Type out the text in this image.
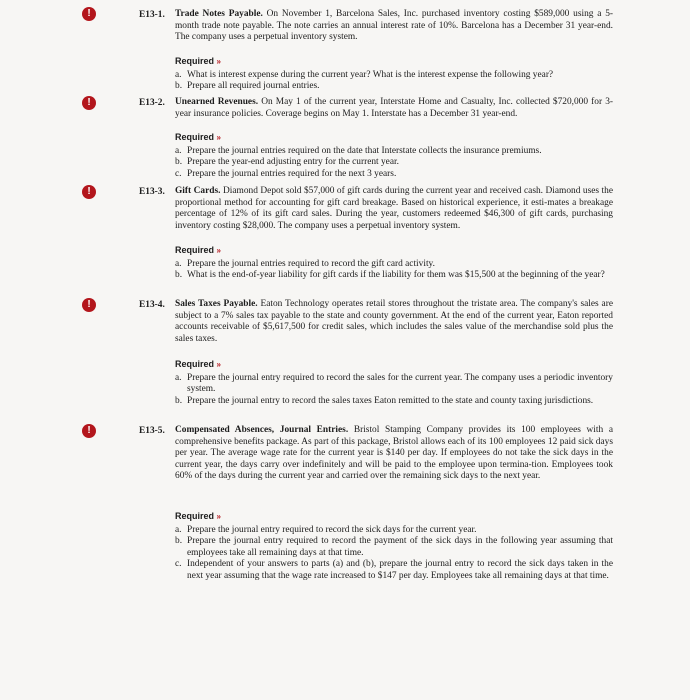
!	E13-1. Trade Notes Payable. On November 1, Barcelona Sales, Inc. purchased inventory costing $589,000 using a 5-month trade note payable. The note carries an annual interest rate of 10%. Barcelona has a December 31 year-end. The company uses a perpetual inventory system.
Required »
a. What is interest expense during the current year? What is the interest expense the following year?
b. Prepare all required journal entries.
!	E13-2. Unearned Revenues. On May 1 of the current year, Interstate Home and Casualty, Inc. collected $720,000 for 3-year insurance policies. Coverage begins on May 1. Interstate has a December 31 year-end.
Required »
a. Prepare the journal entries required on the date that Interstate collects the insurance premiums.
b. Prepare the year-end adjusting entry for the current year.
c. Prepare the journal entries required for the next 3 years.
!	E13-3. Gift Cards. Diamond Depot sold $57,000 of gift cards during the current year and received cash. Diamond uses the proportional method for accounting for gift card breakage. Based on historical experience, it esti-mates a breakage percentage of 12% of its gift card sales. During the year, customers redeemed $46,300 of gift cards, purchasing inventory costing $28,000. The company uses a perpetual inventory system.
Required »
a. Prepare the journal entries required to record the gift card activity.
b. What is the end-of-year liability for gift cards if the liability for them was $15,500 at the beginning of the year?
!	E13-4. Sales Taxes Payable. Eaton Technology operates retail stores throughout the tristate area. The company's sales are subject to a 7% sales tax payable to the state and county government. At the end of the current year, Eaton reported accounts receivable of $5,617,500 for credit sales, which includes the sales value of the merchandise sold plus the sales taxes.
Required »
a. Prepare the journal entry required to record the sales for the current year. The company uses a periodic inventory system.
b. Prepare the journal entry to record the sales taxes Eaton remitted to the state and county taxing jurisdictions.
!	E13-5. Compensated Absences, Journal Entries. Bristol Stamping Company provides its 100 employees with a comprehensive benefits package. As part of this package, Bristol allows each of its 100 employees 12 paid sick days per year. The average wage rate for the current year is $140 per day. If employees do not take the sick days in the current year, the days carry over indefinitely and will be paid to the employee upon termina-tion. Employees took 60% of the days during the current year and carried over the remaining sick days to the next year.
Required »
a. Prepare the journal entry required to record the sick days for the current year.
b. Prepare the journal entry required to record the payment of the sick days in the following year assuming that employees take all remaining days at that time.
c. Independent of your answers to parts (a) and (b), prepare the journal entry to record the sick days taken in the next year assuming that the wage rate increased to $147 per day. Employees take all remaining days at that time.
